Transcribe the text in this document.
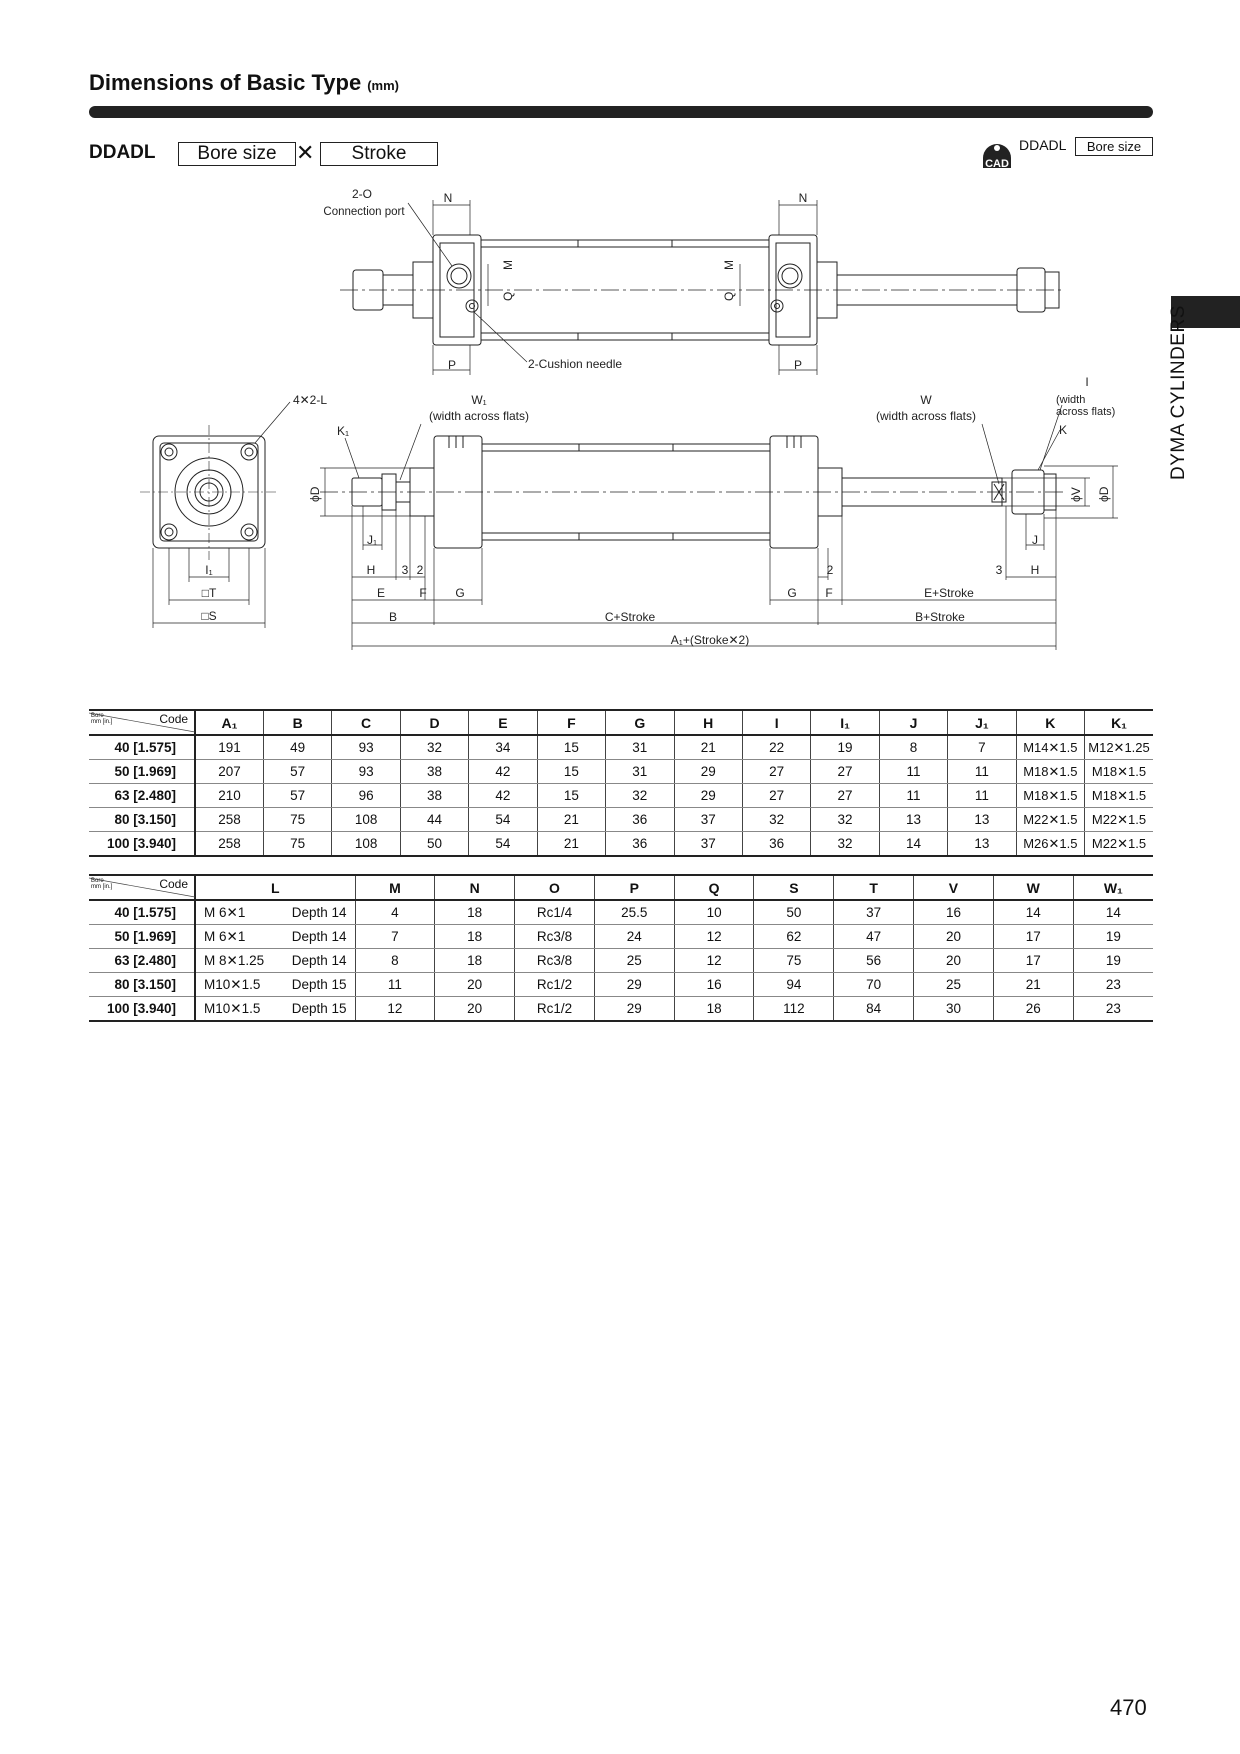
Dimensions of Basic Type (mm)
DDADL	Bore size ✕	Stroke	CAD
DDADL	Bore size
DYMA CYLINDERS
2-O
Connection port
N	N
P	P
2-Cushion needle
M
Q
M
Q
4✕2-L
I₁
□T
□S
K₁
W₁
(width across flats)
W
(width across flats)
I
(width
across flats)
K
ϕD	ϕV ϕD
J₁	J
H 3 2	2	3 H
E	F G	G F	E+Stroke
B	C+Stroke	B+Stroke
A₁+(Stroke✕2)
Bore
mm [in.] Code	A₁	B	C	D	E	F	G	H	I	I₁	J	J₁	K	K₁
40 [1.575]	191	49	93	32	34	15	31	21	22	19	8	7	M14✕1.5	M12✕1.25
50 [1.969]	207	57	93	38	42	15	31	29	27	27	11	11	M18✕1.5	M18✕1.5
63 [2.480]	210	57	96	38	42	15	32	29	27	27	11	11	M18✕1.5	M18✕1.5
80 [3.150]	258	75	108	44	54	21	36	37	32	32	13	13	M22✕1.5	M22✕1.5
100 [3.940]	258	75	108	50	54	21	36	37	36	32	14	13	M26✕1.5	M22✕1.5
Bore
mm [in.] Code	L	M	N	O	P	Q	S	T	V	W	W₁
40 [1.575]	M 6✕1 Depth 14	4	18	Rc1/4	25.5	10	50	37	16	14	14
50 [1.969]	M 6✕1 Depth 14	7	18	Rc3/8	24	12	62	47	20	17	19
63 [2.480]	M 8✕1.25 Depth 14	8	18	Rc3/8	25	12	75	56	20	17	19
80 [3.150]	M10✕1.5 Depth 15	11	20	Rc1/2	29	16	94	70	25	21	23
100 [3.940]	M10✕1.5 Depth 15	12	20	Rc1/2	29	18	112	84	30	26	23
470
